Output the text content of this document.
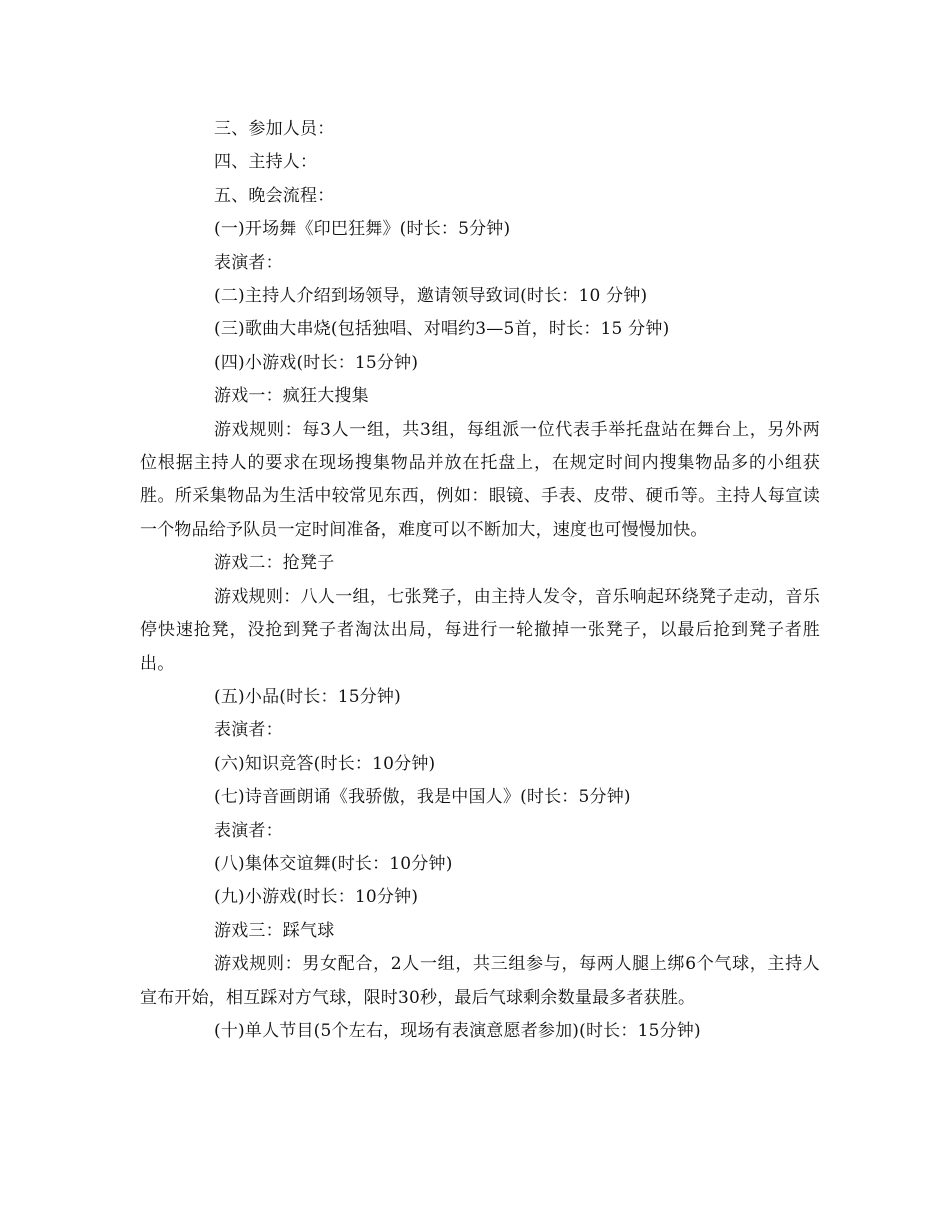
三、参加人员：

四、主持人：

五、晚会流程：

(一)开场舞《印巴狂舞》(时长：5分钟)

表演者：

(二)主持人介绍到场领导，邀请领导致词(时长：10 分钟)

(三)歌曲大串烧(包括独唱、对唱约3—5首，时长：15 分钟)

(四)小游戏(时长：15分钟)

游戏一：疯狂大搜集

游戏规则：每3人一组，共3组，每组派一位代表手举托盘站在舞台上，另外两位根据主持人的要求在现场搜集物品并放在托盘上，在规定时间内搜集物品多的小组获胜。所采集物品为生活中较常见东西，例如：眼镜、手表、皮带、硬币等。主持人每宣读一个物品给予队员一定时间准备，难度可以不断加大，速度也可慢慢加快。

游戏二：抢凳子

游戏规则：八人一组，七张凳子，由主持人发令，音乐响起环绕凳子走动，音乐停快速抢凳，没抢到凳子者淘汰出局，每进行一轮撤掉一张凳子，以最后抢到凳子者胜出。

(五)小品(时长：15分钟)

表演者：

(六)知识竞答(时长：10分钟)

(七)诗音画朗诵《我骄傲，我是中国人》(时长：5分钟)

表演者：

(八)集体交谊舞(时长：10分钟)

(九)小游戏(时长：10分钟)

游戏三：踩气球

游戏规则：男女配合，2人一组，共三组参与，每两人腿上绑6个气球，主持人宣布开始，相互踩对方气球，限时30秒，最后气球剩余数量最多者获胜。

(十)单人节目(5个左右，现场有表演意愿者参加)(时长：15分钟)
